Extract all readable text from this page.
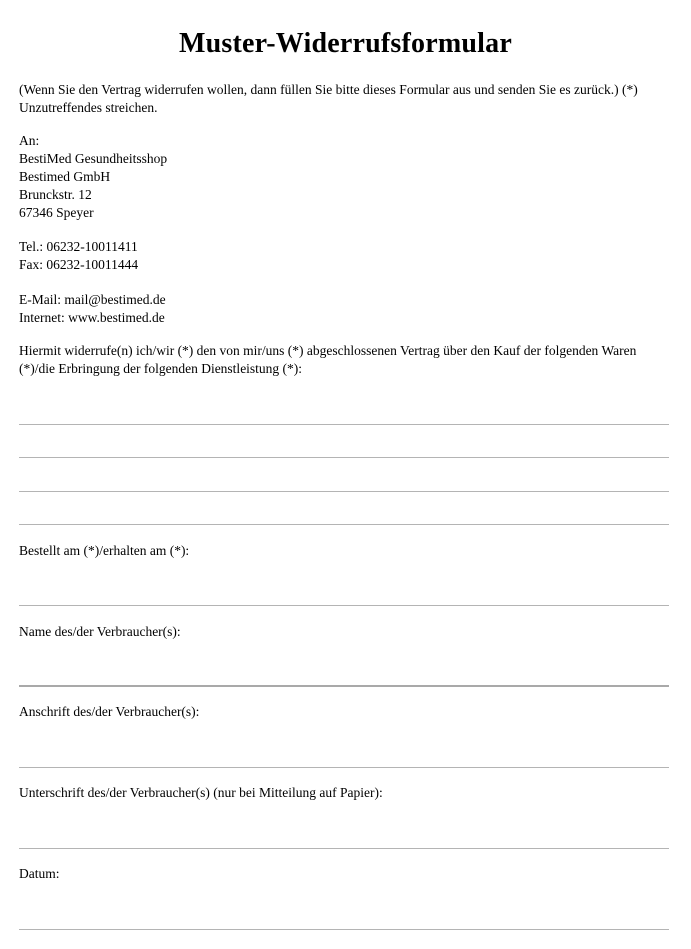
Muster-Widerrufsformular
(Wenn Sie den Vertrag widerrufen wollen, dann füllen Sie bitte dieses Formular aus und senden Sie es zurück.) (*) Unzutreffendes streichen.
An:
BestiMed Gesundheitsshop
Bestimed GmbH
Brunckstr. 12
67346 Speyer
Tel.: 06232-10011411
Fax: 06232-10011444
E-Mail: mail@bestimed.de
Internet: www.bestimed.de
Hiermit widerrufe(n) ich/wir (*) den von mir/uns (*) abgeschlossenen Vertrag über den Kauf der folgenden Waren (*)/die Erbringung der folgenden Dienstleistung (*):
Bestellt am (*)/erhalten am (*):
Name des/der Verbraucher(s):
Anschrift des/der Verbraucher(s):
Unterschrift des/der Verbraucher(s) (nur bei Mitteilung auf Papier):
Datum:
